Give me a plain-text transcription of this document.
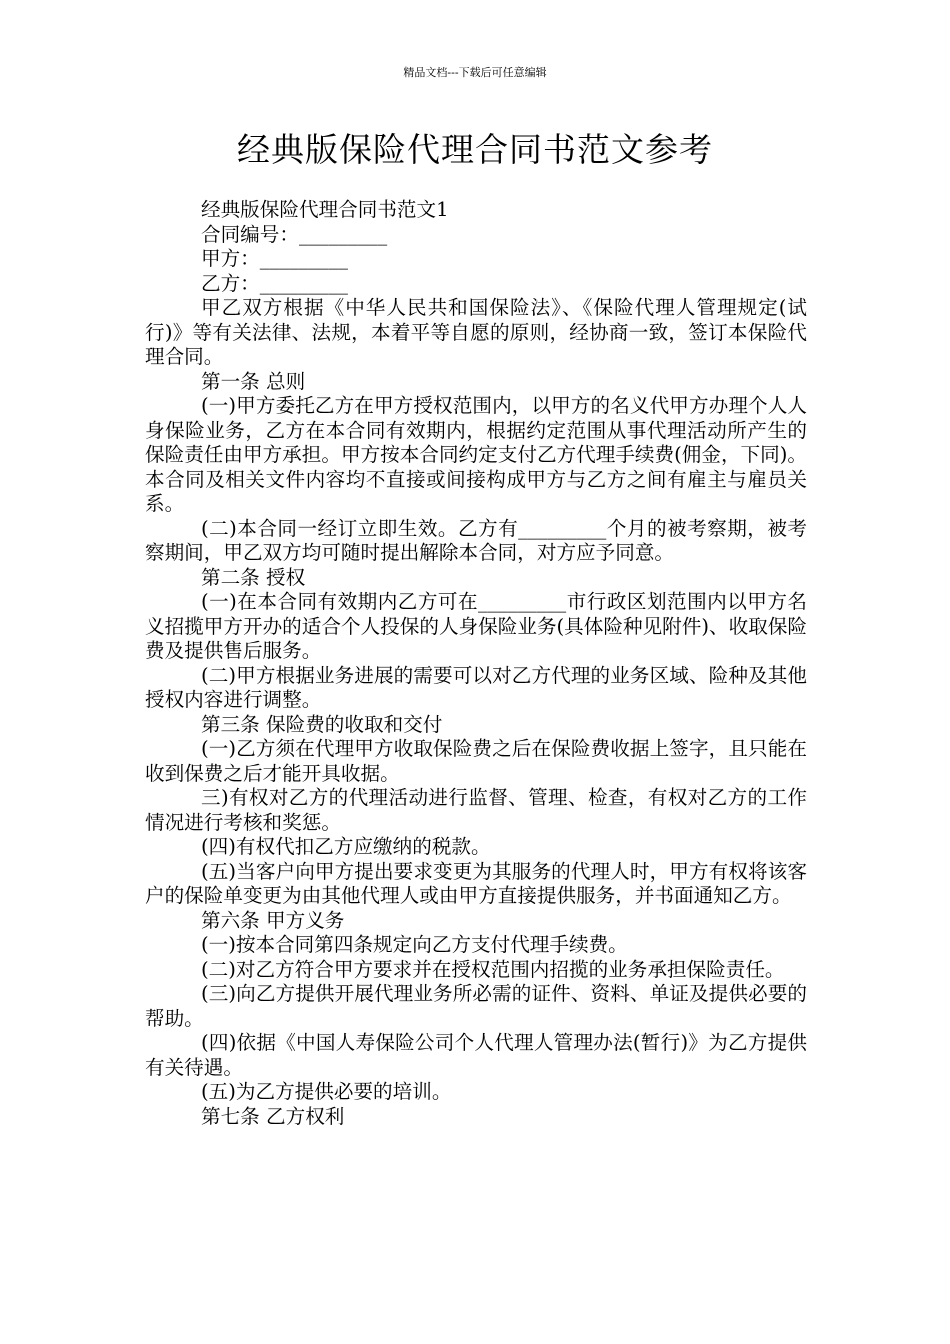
精品文档---下载后可任意编辑
经典版保险代理合同书范文参考

经典版保险代理合同书范文1

合同编号：_________

甲方：_________

乙方：_________

甲乙双方根据《中华人民共和国保险法》、《保险代理人管理规定(试行)》等有关法律、法规，本着平等自愿的原则，经协商一致，签订本保险代理合同。

第一条 总则

(一)甲方委托乙方在甲方授权范围内，以甲方的名义代甲方办理个人人身保险业务，乙方在本合同有效期内，根据约定范围从事代理活动所产生的保险责任由甲方承担。甲方按本合同约定支付乙方代理手续费(佣金，下同)。本合同及相关文件内容均不直接或间接构成甲方与乙方之间有雇主与雇员关系。

(二)本合同一经订立即生效。乙方有_________个月的被考察期，被考察期间，甲乙双方均可随时提出解除本合同，对方应予同意。

第二条 授权

(一)在本合同有效期内乙方可在_________市行政区划范围内以甲方名义招揽甲方开办的适合个人投保的人身保险业务(具体险种见附件)、收取保险费及提供售后服务。

(二)甲方根据业务进展的需要可以对乙方代理的业务区域、险种及其他授权内容进行调整。

第三条 保险费的收取和交付

(一)乙方须在代理甲方收取保险费之后在保险费收据上签字，且只能在收到保费之后才能开具收据。

三)有权对乙方的代理活动进行监督、管理、检查，有权对乙方的工作情况进行考核和奖惩。

(四)有权代扣乙方应缴纳的税款。

(五)当客户向甲方提出要求变更为其服务的代理人时，甲方有权将该客户的保险单变更为由其他代理人或由甲方直接提供服务，并书面通知乙方。

第六条 甲方义务

(一)按本合同第四条规定向乙方支付代理手续费。

(二)对乙方符合甲方要求并在授权范围内招揽的业务承担保险责任。

(三)向乙方提供开展代理业务所必需的证件、资料、单证及提供必要的帮助。

(四)依据《中国人寿保险公司个人代理人管理办法(暂行)》为乙方提供有关待遇。

(五)为乙方提供必要的培训。

第七条 乙方权利
